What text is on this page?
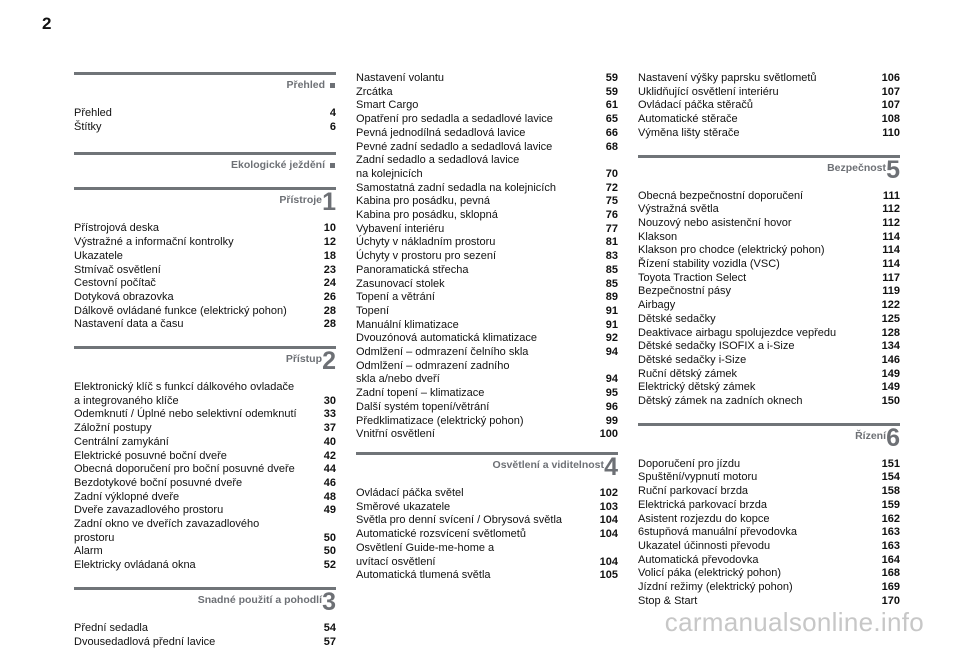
2
Přehled
Přehled	4
Štítky	6
Ekologické ježdění
Přístroje 1
Přístrojová deska	10
Výstražné a informační kontrolky	12
Ukazatele	18
Stmívač osvětlení	23
Cestovní počítač	24
Dotyková obrazovka	26
Dálkově ovládané funkce (elektrický pohon)	28
Nastavení data a času	28
Přístup 2
Elektronický klíč s funkcí dálkového ovladače
a integrovaného klíče	30
Odemknutí / Úplné nebo selektivní odemknutí	33
Záložní postupy	37
Centrální zamykání	40
Elektrické posuvné boční dveře	42
Obecná doporučení pro boční posuvné dveře	44
Bezdotykové boční posuvné dveře	46
Zadní výklopné dveře	48
Dveře zavazadlového prostoru	49
Zadní okno ve dveřích zavazadlového
prostoru	50
Alarm	50
Elektricky ovládaná okna	52
Snadné použití a pohodlí 3
Přední sedadla	54
Dvousedadlová přední lavice	57
Nastavení volantu	59
Zrcátka	59
Smart Cargo	61
Opatření pro sedadla a sedadlové lavice	65
Pevná jednodílná sedadlová lavice	66
Pevné zadní sedadlo a sedadlová lavice	68
Zadní sedadlo a sedadlová lavice
na kolejnicích	70
Samostatná zadní sedadla na kolejnicích	72
Kabina pro posádku, pevná	75
Kabina pro posádku, sklopná	76
Vybavení interiéru	77
Úchyty v nákladním prostoru	81
Úchyty v prostoru pro sezení	83
Panoramatická střecha	85
Zasunovací stolek	85
Topení a větrání	89
Topení	91
Manuální klimatizace	91
Dvouzónová automatická klimatizace	92
Odmlžení – odmrazení čelního skla	94
Odmlžení – odmrazení zadního
skla a/nebo dveří	94
Zadní topení – klimatizace	95
Další systém topení/větrání	96
Předklimatizace (elektrický pohon)	99
Vnitřní osvětlení	100
Osvětlení a viditelnost 4
Ovládací páčka světel	102
Směrové ukazatele	103
Světla pro denní svícení / Obrysová světla	104
Automatické rozsvícení světlometů	104
Osvětlení Guide-me-home a
uvítací osvětlení	104
Automatická tlumená světla	105
Nastavení výšky paprsku světlometů	106
Uklidňující osvětlení interiéru	107
Ovládací páčka stěračů	107
Automatické stěrače	108
Výměna lišty stěrače	110
Bezpečnost 5
Obecná bezpečnostní doporučení	111
Výstražná světla	112
Nouzový nebo asistenční hovor	112
Klakson	114
Klakson pro chodce (elektrický pohon)	114
Řízení stability vozidla (VSC)	114
Toyota Traction Select	117
Bezpečnostní pásy	119
Airbagy	122
Dětské sedačky	125
Deaktivace airbagu spolujezdce vepředu	128
Dětské sedačky ISOFIX a i-Size	134
Dětské sedačky i-Size	146
Ruční dětský zámek	149
Elektrický dětský zámek	149
Dětský zámek na zadních oknech	150
Řízení 6
Doporučení pro jízdu	151
Spuštění/vypnutí motoru	154
Ruční parkovací brzda	158
Elektrická parkovací brzda	159
Asistent rozjezdu do kopce	162
6stupňová manuální převodovka	163
Ukazatel účinnosti převodu	163
Automatická převodovka	164
Volicí páka (elektrický pohon)	168
Jízdní režimy (elektrický pohon)	169
Stop & Start	170
carmanualsonline.info
